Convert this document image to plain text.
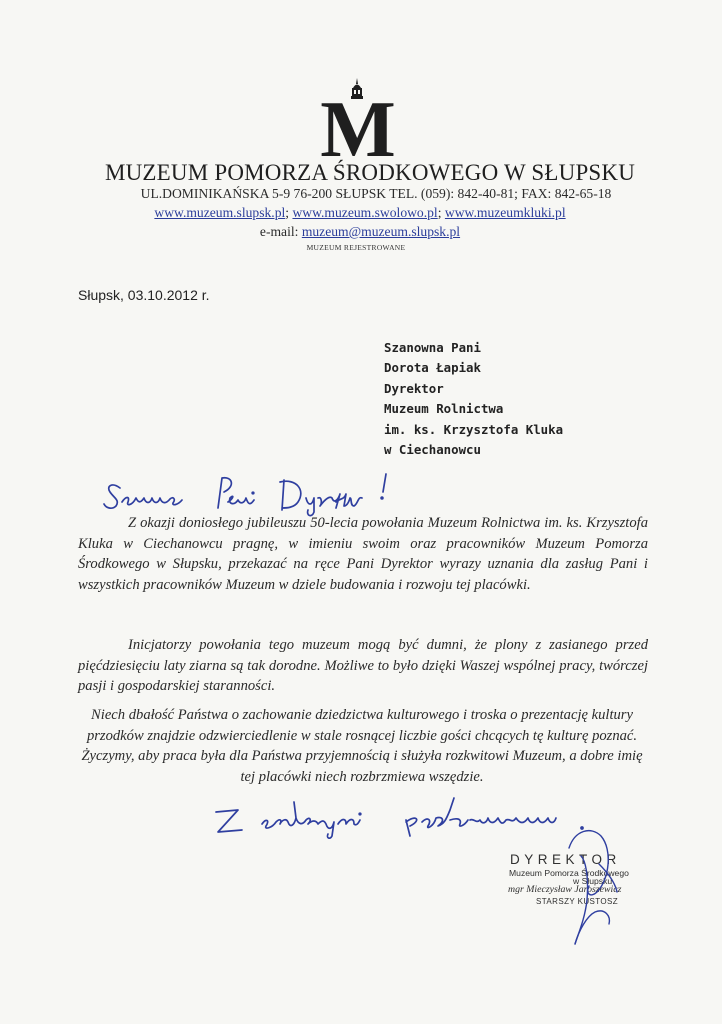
M
MUZEUM POMORZA ŚRODKOWEGO W SŁUPSKU
UL.DOMINIKAŃSKA 5-9 76-200 SŁUPSK TEL. (059): 842-40-81; FAX: 842-65-18
www.muzeum.slupsk.pl; www.muzeum.swolowo.pl; www.muzeumkluki.pl
e-mail: muzeum@muzeum.slupsk.pl
MUZEUM REJESTROWANE
Słupsk, 03.10.2012 r.
Szanowna Pani
Dorota Łapiak
Dyrektor
Muzeum Rolnictwa
im. ks. Krzysztofa Kluka
w Ciechanowcu
Szanowna Pani Dyrektor!

Z okazji doniosłego jubileuszu 50-lecia powołania Muzeum Rolnictwa im. ks. Krzysztofa Kluka w Ciechanowcu pragnę, w imieniu swoim oraz pracowników Muzeum Pomorza Środkowego w Słupsku, przekazać na ręce Pani Dyrektor wyrazy uznania dla zasług Pani i wszystkich pracowników Muzeum w dziele budowania i rozwoju tej placówki.

Inicjatorzy powołania tego muzeum mogą być dumni, że plony z zasianego przed pięćdziesięciu laty ziarna są tak dorodne. Możliwe to było dzięki Waszej wspólnej pracy, twórczej pasji i gospodarskiej staranności.

Niech dbałość Państwa o zachowanie dziedzictwa kulturowego i troska o prezentację kultury przodków znajdzie odzwierciedlenie w stale rosnącej liczbie gości chcących tę kulturę poznać. Życzymy, aby praca była dla Państwa przyjemnością i służyła rozkwitowi Muzeum, a dobre imię tej placówki niech rozbrzmiewa wszędzie.

Z serdecznymi pozdrowieniami.
DYREKTOR
Muzeum Pomorza Środkowego
w Słupsku
mgr Mieczysław Jaroszewicz
STARSZY KUSTOSZ
